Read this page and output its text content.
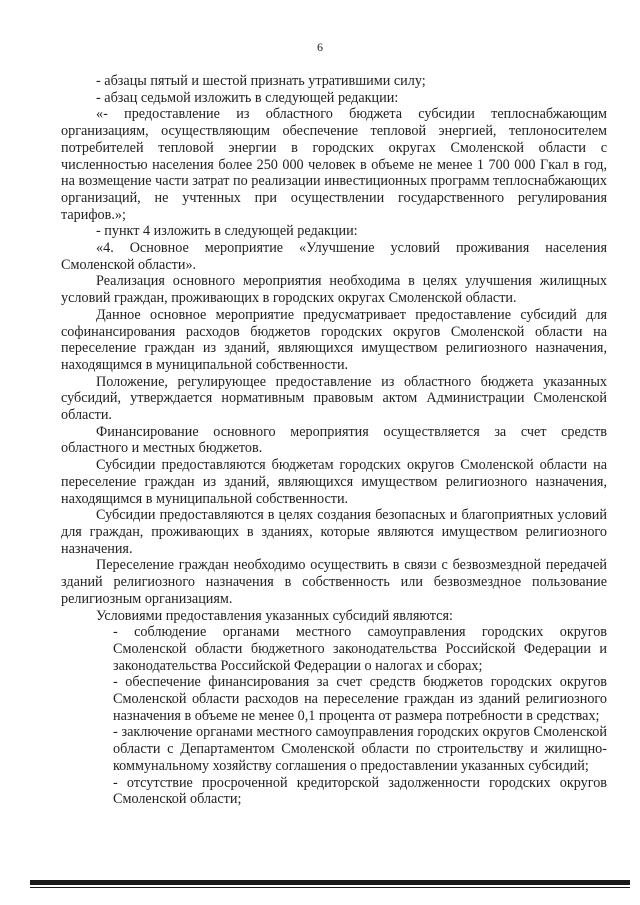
6

- абзацы пятый и шестой признать утратившими силу;

- абзац седьмой изложить в следующей редакции:

«- предоставление из областного бюджета субсидии теплоснабжающим организациям, осуществляющим обеспечение тепловой энергией, теплоносителем потребителей тепловой энергии в городских округах Смоленской области с численностью населения более 250 000 человек в объеме не менее 1 700 000 Гкал в год, на возмещение части затрат по реализации инвестиционных программ теплоснабжающих организаций, не учтенных при осуществлении государственного регулирования тарифов.»;

- пункт 4 изложить в следующей редакции:

«4. Основное мероприятие «Улучшение условий проживания населения Смоленской области».

Реализация основного мероприятия необходима в целях улучшения жилищных условий граждан, проживающих в городских округах Смоленской области.

Данное основное мероприятие предусматривает предоставление субсидий для софинансирования расходов бюджетов городских округов Смоленской области на переселение граждан из зданий, являющихся имуществом религиозного назначения, находящимся в муниципальной собственности.

Положение, регулирующее предоставление из областного бюджета указанных субсидий, утверждается нормативным правовым актом Администрации Смоленской области.

Финансирование основного мероприятия осуществляется за счет средств областного и местных бюджетов.

Субсидии предоставляются бюджетам городских округов Смоленской области на переселение граждан из зданий, являющихся имуществом религиозного назначения, находящимся в муниципальной собственности.

Субсидии предоставляются в целях создания безопасных и благоприятных условий для граждан, проживающих в зданиях, которые являются имуществом религиозного назначения.

Переселение граждан необходимо осуществить в связи с безвозмездной передачей зданий религиозного назначения в собственность или безвозмездное пользование религиозным организациям.

Условиями предоставления указанных субсидий являются:

- соблюдение органами местного самоуправления городских округов Смоленской области бюджетного законодательства Российской Федерации и законодательства Российской Федерации о налогах и сборах;

- обеспечение финансирования за счет средств бюджетов городских округов Смоленской области расходов на переселение граждан из зданий религиозного назначения в объеме не менее 0,1 процента от размера потребности в средствах;

- заключение органами местного самоуправления городских округов Смоленской области с Департаментом Смоленской области по строительству и жилищно-коммунальному хозяйству соглашения о предоставлении указанных субсидий;

- отсутствие просроченной кредиторской задолженности городских округов Смоленской области;
